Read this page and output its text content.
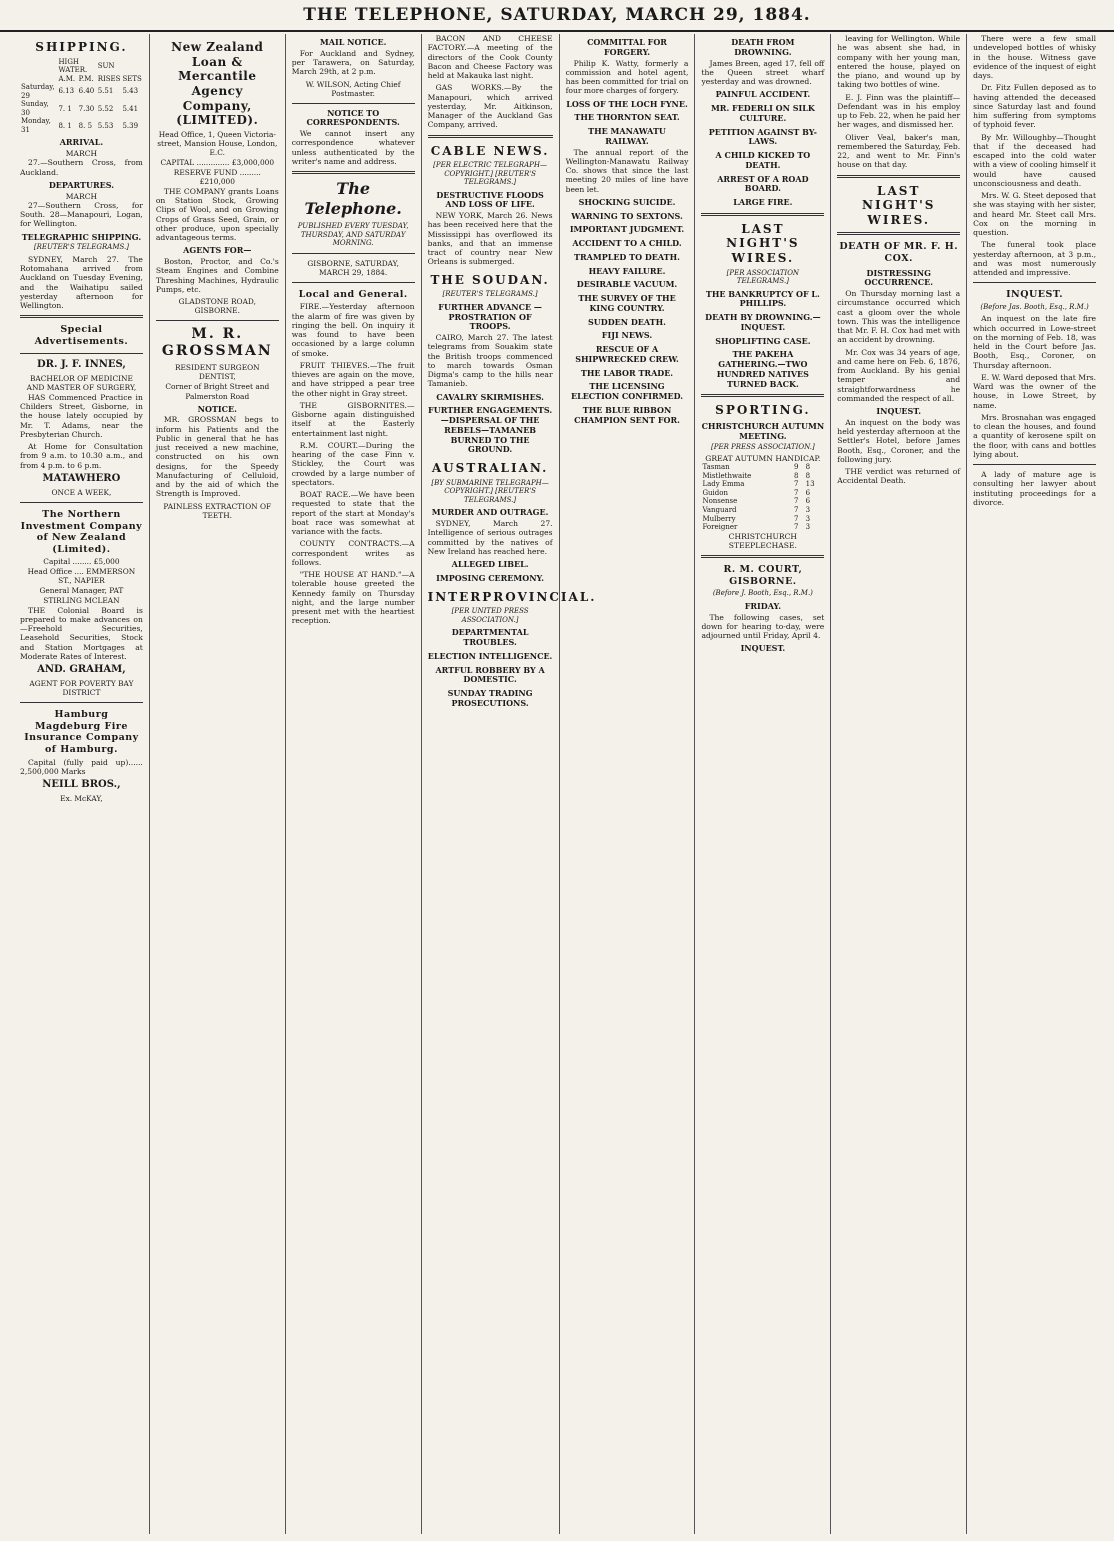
THE TELEPHONE, SATURDAY, MARCH 29, 1884.
SHIPPING.
	HIGH WATER.		SUN	
	A.M.	P.M.	RISES	SETS
Saturday, 29	6.13	6.40	5.51	5.43
Sunday, 30	7. 1	7.30	5.52	5.41
Monday, 31	8. 1	8. 5	5.53	5.39
ARRIVAL.
MARCH

27.—Southern Cross, from Auckland.

DEPARTURES.
MARCH

27—Southern Cross, for South. 28—Manapouri, Logan, for Wellington.

TELEGRAPHIC SHIPPING.
[REUTER'S TELEGRAMS.]

SYDNEY, March 27. The Rotomahana arrived from Auckland on Tuesday Evening, and the Waihatipu sailed yesterday afternoon for Wellington.

Special Advertisements.
DR. J. F. INNES,
BACHELOR OF MEDICINE AND MASTER OF SURGERY,

HAS Commenced Practice in Childers Street, Gisborne, in the house lately occupied by Mr. T. Adams, near the Presbyterian Church.

At Home for Consultation from 9 a.m. to 10.30 a.m., and from 4 p.m. to 6 p.m.

MATAWHERO
ONCE A WEEK,
The Northern Investment Company of New Zealand (Limited).
Capital ........ £5,000
Head Office .... EMMERSON ST., NAPIER
General Manager, PAT STIRLING MCLEAN

THE Colonial Board is prepared to make advances on—Freehold Securities, Leasehold Securities, Stock and Station Mortgages at Moderate Rates of Interest.

AND. GRAHAM,
AGENT FOR POVERTY BAY DISTRICT
Hamburg Magdeburg Fire Insurance Company of Hamburg.

Capital (fully paid up)...... 2,500,000 Marks

NEILL BROS.,
Ex. McKAY,
New Zealand Loan & Mercantile Agency Company, (LIMITED).
Head Office, 1, Queen Victoria-street, Mansion House, London, E.C.
CAPITAL .............. £3,000,000
RESERVE FUND ......... £210,000

THE COMPANY grants Loans on Station Stock, Growing Clips of Wool, and on Growing Crops of Grass Seed, Grain, or other produce, upon specially advantageous terms.

AGENTS FOR—

Boston, Proctor, and Co.'s Steam Engines and Combine Threshing Machines, Hydraulic Pumps, etc.

GLADSTONE ROAD, GISBORNE.
M. R. GROSSMAN
RESIDENT SURGEON DENTIST,
Corner of Bright Street and Palmerston Road
NOTICE.

MR. GROSSMAN begs to inform his Patients and the Public in general that he has just received a new machine, constructed on his own designs, for the Speedy Manufacturing of Celluloid, and by the aid of which the Strength is Improved.

PAINLESS EXTRACTION OF TEETH.
MAIL NOTICE.

For Auckland and Sydney, per Tarawera, on Saturday, March 29th, at 2 p.m.

W. WILSON, Acting Chief Postmaster.
NOTICE TO CORRESPONDENTS.

We cannot insert any correspondence whatever unless authenticated by the writer's name and address.

The Telephone.
PUBLISHED EVERY TUESDAY, THURSDAY, AND SATURDAY MORNING.
GISBORNE, SATURDAY, MARCH 29, 1884.
Local and General.

FIRE.—Yesterday afternoon the alarm of fire was given by ringing the bell. On inquiry it was found to have been occasioned by a large column of smoke.

FRUIT THIEVES.—The fruit thieves are again on the move, and have stripped a pear tree the other night in Gray street.

THE GISBORNITES.—Gisborne again distinguished itself at the Easterly entertainment last night.

R.M. COURT.—During the hearing of the case Finn v. Stickley, the Court was crowded by a large number of spectators.

BOAT RACE.—We have been requested to state that the report of the start at Monday's boat race was somewhat at variance with the facts.

COUNTY CONTRACTS.—A correspondent writes as follows.

"THE HOUSE AT HAND."—A tolerable house greeted the Kennedy family on Thursday night, and the large number present met with the heartiest reception.

BACON AND CHEESE FACTORY.—A meeting of the directors of the Cook County Bacon and Cheese Factory was held at Makauka last night.

GAS WORKS.—By the Manapouri, which arrived yesterday, Mr. Aitkinson, Manager of the Auckland Gas Company, arrived.

CABLE NEWS.
[PER ELECTRIC TELEGRAPH—COPYRIGHT.] [REUTER'S TELEGRAMS.]
DESTRUCTIVE FLOODS AND LOSS OF LIFE.

NEW YORK, March 26. News has been received here that the Mississippi has overflowed its banks, and that an immense tract of country near New Orleans is submerged.

THE SOUDAN.
[REUTER'S TELEGRAMS.]
FURTHER ADVANCE — PROSTRATION OF TROOPS.

CAIRO, March 27. The latest telegrams from Souakim state the British troops commenced to march towards Osman Digma's camp to the hills near Tamanieb.

CAVALRY SKIRMISHES.
FURTHER ENGAGEMENTS.—DISPERSAL OF THE REBELS—TAMANEB BURNED TO THE GROUND.
AUSTRALIAN.
[BY SUBMARINE TELEGRAPH—COPYRIGHT.] [REUTER'S TELEGRAMS.]
MURDER AND OUTRAGE.

SYDNEY, March 27. Intelligence of serious outrages committed by the natives of New Ireland has reached here.

ALLEGED LIBEL.
IMPOSING CEREMONY.
INTERPROVINCIAL.
[PER UNITED PRESS ASSOCIATION.]
DEPARTMENTAL TROUBLES.
ELECTION INTELLIGENCE.
ARTFUL ROBBERY BY A DOMESTIC.
SUNDAY TRADING PROSECUTIONS.
COMMITTAL FOR FORGERY.

Philip K. Watty, formerly a commission and hotel agent, has been committed for trial on four more charges of forgery.

LOSS OF THE LOCH FYNE.
THE THORNTON SEAT.
THE MANAWATU RAILWAY.

The annual report of the Wellington-Manawatu Railway Co. shows that since the last meeting 20 miles of line have been let.

SHOCKING SUICIDE.
WARNING TO SEXTONS.
IMPORTANT JUDGMENT.
ACCIDENT TO A CHILD.
TRAMPLED TO DEATH.
HEAVY FAILURE.
DESIRABLE VACUUM.
THE SURVEY OF THE KING COUNTRY.
SUDDEN DEATH.
FIJI NEWS.
RESCUE OF A SHIPWRECKED CREW.
THE LABOR TRADE.
THE LICENSING ELECTION CONFIRMED.
THE BLUE RIBBON CHAMPION SENT FOR.
DEATH FROM DROWNING.

James Breen, aged 17, fell off the Queen street wharf yesterday and was drowned.

PAINFUL ACCIDENT.
MR. FEDERLI ON SILK CULTURE.
PETITION AGAINST BY-LAWS.
A CHILD KICKED TO DEATH.
ARREST OF A ROAD BOARD.
LARGE FIRE.
LAST NIGHT'S WIRES.
[PER ASSOCIATION TELEGRAMS.]
THE BANKRUPTCY OF L. PHILLIPS.
DEATH BY DROWNING.—INQUEST.
SHOPLIFTING CASE.
THE PAKEHA GATHERING.—TWO HUNDRED NATIVES TURNED BACK.
SPORTING.
CHRISTCHURCH AUTUMN MEETING.
[PER PRESS ASSOCIATION.]
GREAT AUTUMN HANDICAP.
Tasman	9	8
Mistlethwaite	8	8
Lady Emma	7	13
Guidon	7	6
Nonsense	7	6
Vanguard	7	3
Mulberry	7	3
Foreigner	7	3
CHRISTCHURCH STEEPLECHASE.
R. M. COURT, GISBORNE.
(Before J. Booth, Esq., R.M.)
FRIDAY.

The following cases, set down for hearing to-day, were adjourned until Friday, April 4.

INQUEST.

leaving for Wellington. While he was absent she had, in company with her young man, entered the house, played on the piano, and wound up by taking two bottles of wine.

E. J. Finn was the plaintiff—Defendant was in his employ up to Feb. 22, when he paid her her wages, and dismissed her.

Oliver Veal, baker's man, remembered the Saturday, Feb. 22, and went to Mr. Finn's house on that day.

LAST NIGHT'S WIRES.
DEATH OF MR. F. H. COX.
DISTRESSING OCCURRENCE.

On Thursday morning last a circumstance occurred which cast a gloom over the whole town. This was the intelligence that Mr. F. H. Cox had met with an accident by drowning.

Mr. Cox was 34 years of age, and came here on Feb. 6, 1876, from Auckland. By his genial temper and straightforwardness he commanded the respect of all.

INQUEST.

An inquest on the body was held yesterday afternoon at the Settler's Hotel, before James Booth, Esq., Coroner, and the following jury.

THE verdict was returned of Accidental Death.

There were a few small undeveloped bottles of whisky in the house. Witness gave evidence of the inquest of eight days.

Dr. Fitz Fullen deposed as to having attended the deceased since Saturday last and found him suffering from symptoms of typhoid fever.

By Mr. Willoughby—Thought that if the deceased had escaped into the cold water with a view of cooling himself it would have caused unconsciousness and death.

Mrs. W. G. Steet deposed that she was staying with her sister, and heard Mr. Steet call Mrs. Cox on the morning in question.

The funeral took place yesterday afternoon, at 3 p.m., and was most numerously attended and impressive.

INQUEST.
(Before Jas. Booth, Esq., R.M.)

An inquest on the late fire which occurred in Lowe-street on the morning of Feb. 18, was held in the Court before Jas. Booth, Esq., Coroner, on Thursday afternoon.

E. W. Ward deposed that Mrs. Ward was the owner of the house, in Lowe Street, by name.

Mrs. Brosnahan was engaged to clean the houses, and found a quantity of kerosene spilt on the floor, with cans and bottles lying about.

A lady of mature age is consulting her lawyer about instituting proceedings for a divorce.
